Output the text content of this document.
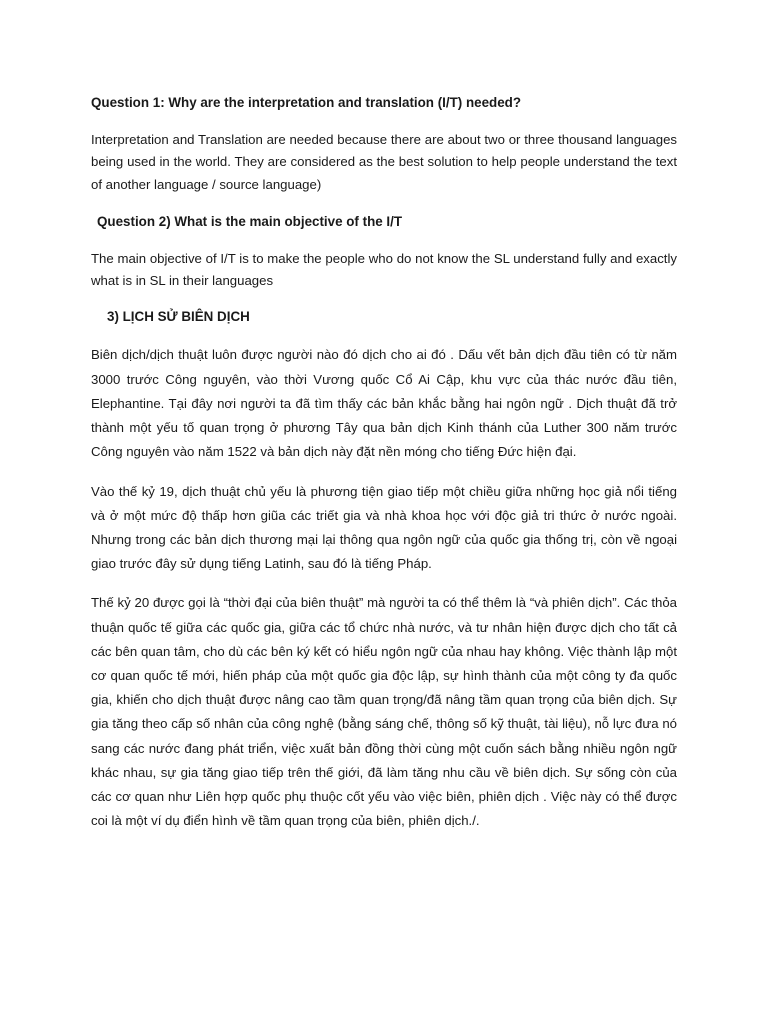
Question 1: Why are the interpretation and translation (I/T) needed?

Interpretation and Translation are needed because there are about two or three thousand languages being used in the world. They are considered as the best solution to help people understand the text of another language / source language)

Question 2) What is the main objective of the I/T

The main objective of I/T is to make the people who do not know the SL understand fully and exactly what is in SL in their languages

3) LỊCH SỬ BIÊN DỊCH

Biên dịch/dịch thuật luôn được người nào đó dịch cho ai đó . Dấu vết bản dịch đầu tiên có từ năm 3000 trước Công nguyên, vào thời Vương quốc Cổ Ai Cập, khu vực của thác nước đầu tiên, Elephantine. Tại đây nơi người ta đã tìm thấy các bản khắc bằng hai ngôn ngữ . Dịch thuật đã trở thành một yếu tố quan trọng ở phương Tây qua bản dịch Kinh thánh của Luther 300 năm trước Công nguyên vào năm 1522 và bản dịch này đặt nền móng cho tiếng Đức hiện đại.

Vào thế kỷ 19, dịch thuật chủ yếu là phương tiện giao tiếp một chiều giữa những học giả nổi tiếng và ở một mức độ thấp hơn giũa các triết gia và nhà khoa học với độc giả tri thức ở nước ngoài. Nhưng trong các bản dịch thương mại lại thông qua ngôn ngữ của quốc gia thống trị, còn về ngoại giao trước đây sử dụng tiếng Latinh, sau đó là tiếng Pháp.

Thế kỷ 20 được gọi là “thời đại của biên thuật” mà người ta có thể thêm là “và phiên dịch”. Các thỏa thuận quốc tế giữa các quốc gia, giữa các tổ chức nhà nước, và tư nhân hiện được dịch cho tất cả các bên quan tâm, cho dù các bên ký kết có hiểu ngôn ngữ của nhau hay không. Việc thành lập một cơ quan quốc tế mới, hiến pháp của một quốc gia độc lập, sự hình thành của một công ty đa quốc gia, khiến cho dịch thuật được nâng cao tầm quan trọng/đã nâng tầm quan trọng của biên dịch. Sự gia tăng theo cấp số nhân của công nghệ (bằng sáng chế, thông số kỹ thuật, tài liệu), nỗ lực đưa nó sang các nước đang phát triển, việc xuất bản đồng thời cùng một cuốn sách bằng nhiều ngôn ngữ khác nhau, sự gia tăng giao tiếp trên thế giới, đã làm tăng nhu cầu về biên dịch. Sự sống còn của các cơ quan như Liên hợp quốc phụ thuộc cốt yếu vào việc biên, phiên dịch . Việc này có thể được coi là một ví dụ điển hình về tầm quan trọng của biên, phiên dịch./.
